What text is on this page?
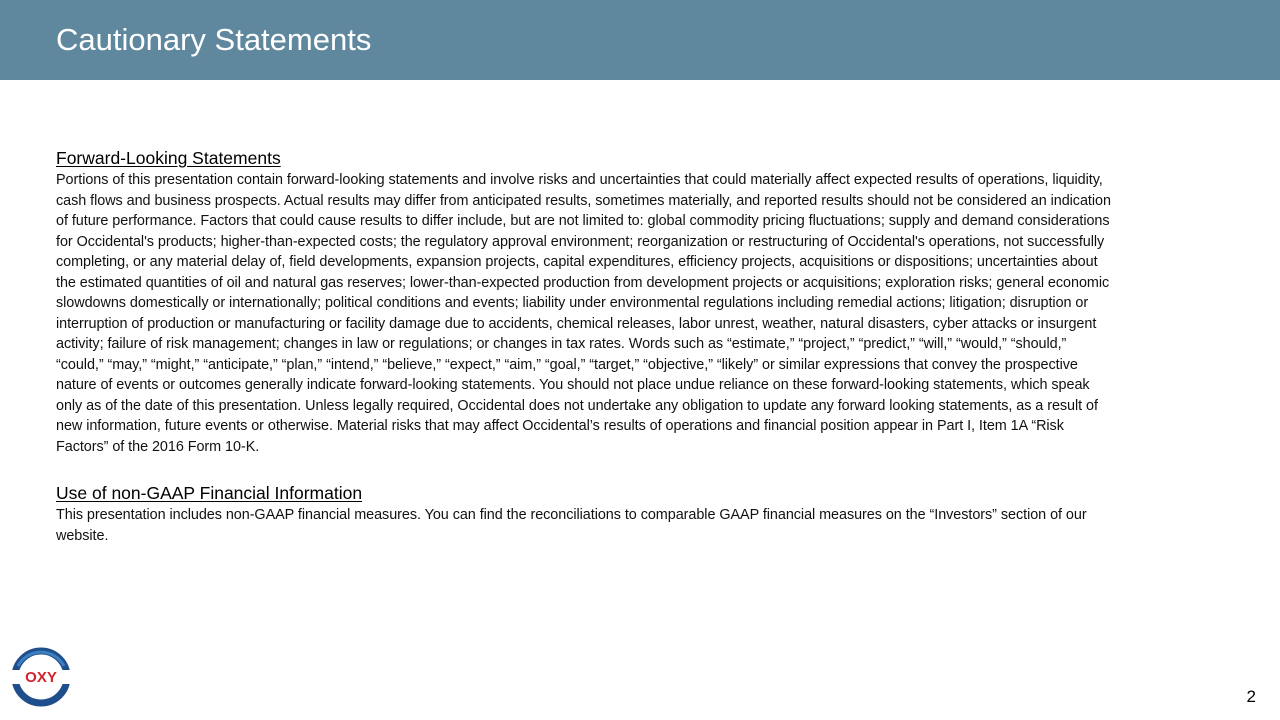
Cautionary Statements
Forward-Looking Statements

Portions of this presentation contain forward-looking statements and involve risks and uncertainties that could materially affect expected results of operations, liquidity, cash flows and business prospects. Actual results may differ from anticipated results, sometimes materially, and reported results should not be considered an indication of future performance. Factors that could cause results to differ include, but are not limited to: global commodity pricing fluctuations; supply and demand considerations for Occidental's products; higher-than-expected costs; the regulatory approval environment; reorganization or restructuring of Occidental's operations, not successfully completing, or any material delay of, field developments, expansion projects, capital expenditures, efficiency projects, acquisitions or dispositions; uncertainties about the estimated quantities of oil and natural gas reserves; lower-than-expected production from development projects or acquisitions; exploration risks; general economic slowdowns domestically or internationally; political conditions and events; liability under environmental regulations including remedial actions; litigation; disruption or interruption of production or manufacturing or facility damage due to accidents, chemical releases, labor unrest, weather, natural disasters, cyber attacks or insurgent activity; failure of risk management; changes in law or regulations; or changes in tax rates. Words such as “estimate,” “project,” “predict,” “will,” “would,” “should,” “could,” “may,” “might,” “anticipate,” “plan,” “intend,” “believe,” “expect,” “aim,” “goal,” “target,” “objective,” “likely” or similar expressions that convey the prospective nature of events or outcomes generally indicate forward-looking statements. You should not place undue reliance on these forward-looking statements, which speak only as of the date of this presentation. Unless legally required, Occidental does not undertake any obligation to update any forward looking statements, as a result of new information, future events or otherwise. Material risks that may affect Occidental’s results of operations and financial position appear in Part I, Item 1A “Risk Factors” of the 2016 Form 10-K.

Use of non-GAAP Financial Information

This presentation includes non-GAAP financial measures. You can find the reconciliations to comparable GAAP financial measures on the “Investors” section of our website.

OXY
2
